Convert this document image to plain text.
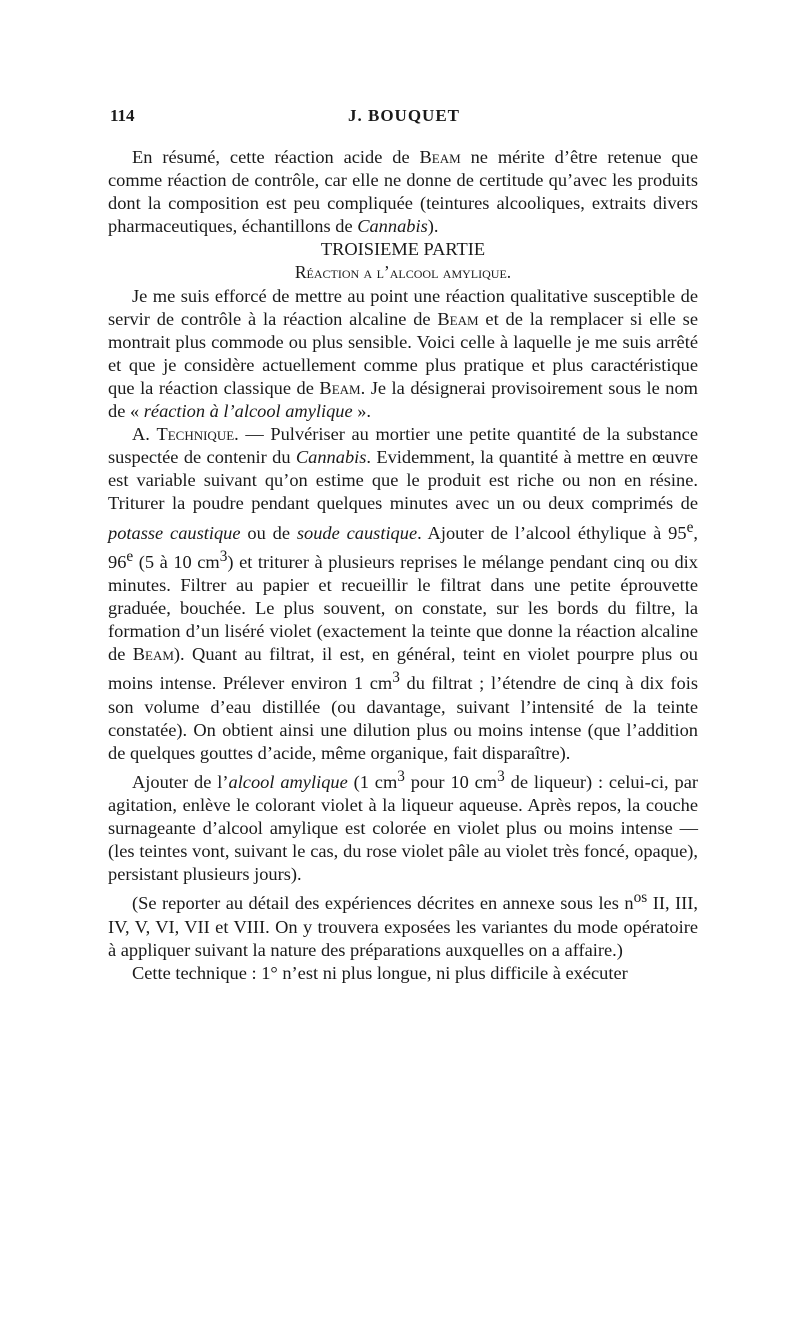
114	J. BOUQUET

En résumé, cette réaction acide de Beam ne mérite d’être retenue que comme réaction de contrôle, car elle ne donne de certitude qu’avec les produits dont la composition est peu compliquée (teintures alcooliques, extraits divers pharmaceutiques, échantillons de Cannabis).

TROISIEME PARTIE

Réaction a l’alcool amylique.

Je me suis efforcé de mettre au point une réaction qualitative susceptible de servir de contrôle à la réaction alcaline de Beam et de la remplacer si elle se montrait plus commode ou plus sensible. Voici celle à laquelle je me suis arrêté et que je considère actuellement comme plus pratique et plus caractéristique que la réaction classique de Beam. Je la désignerai provisoirement sous le nom de « réaction à l’alcool amylique ».

A. Technique. — Pulvériser au mortier une petite quantité de la substance suspectée de contenir du Cannabis. Evidemment, la quantité à mettre en œuvre est variable suivant qu’on estime que le produit est riche ou non en résine. Triturer la poudre pendant quelques minutes avec un ou deux comprimés de potasse caustique ou de soude caustique. Ajouter de l’alcool éthylique à 95e, 96e (5 à 10 $cm^3$) et triturer à plusieurs reprises le mélange pendant cinq ou dix minutes. Filtrer au papier et recueillir le filtrat dans une petite éprouvette graduée, bouchée. Le plus souvent, on constate, sur les bords du filtre, la formation d’un liséré violet (exactement la teinte que donne la réaction alcaline de Beam). Quant au filtrat, il est, en général, teint en violet pourpre plus ou moins intense. Prélever environ 1 $cm^3$ du filtrat ; l’étendre de cinq à dix fois son volume d’eau distillée (ou davantage, suivant l’intensité de la teinte constatée). On obtient ainsi une dilution plus ou moins intense (que l’addition de quelques gouttes d’acide, même organique, fait disparaître).

Ajouter de l’alcool amylique (1 $cm^3$ pour 10 $cm^3$ de liqueur) : celui-ci, par agitation, enlève le colorant violet à la liqueur aqueuse. Après repos, la couche surnageante d’alcool amylique est colorée en violet plus ou moins intense — (les teintes vont, suivant le cas, du rose violet pâle au violet très foncé, opaque), persistant plusieurs jours).

(Se reporter au détail des expériences décrites en annexe sous les $n^{os}$ II, III, IV, V, VI, VII et VIII. On y trouvera exposées les variantes du mode opératoire à appliquer suivant la nature des préparations auxquelles on a affaire.)

Cette technique : 1° n’est ni plus longue, ni plus difficile à exécuter
